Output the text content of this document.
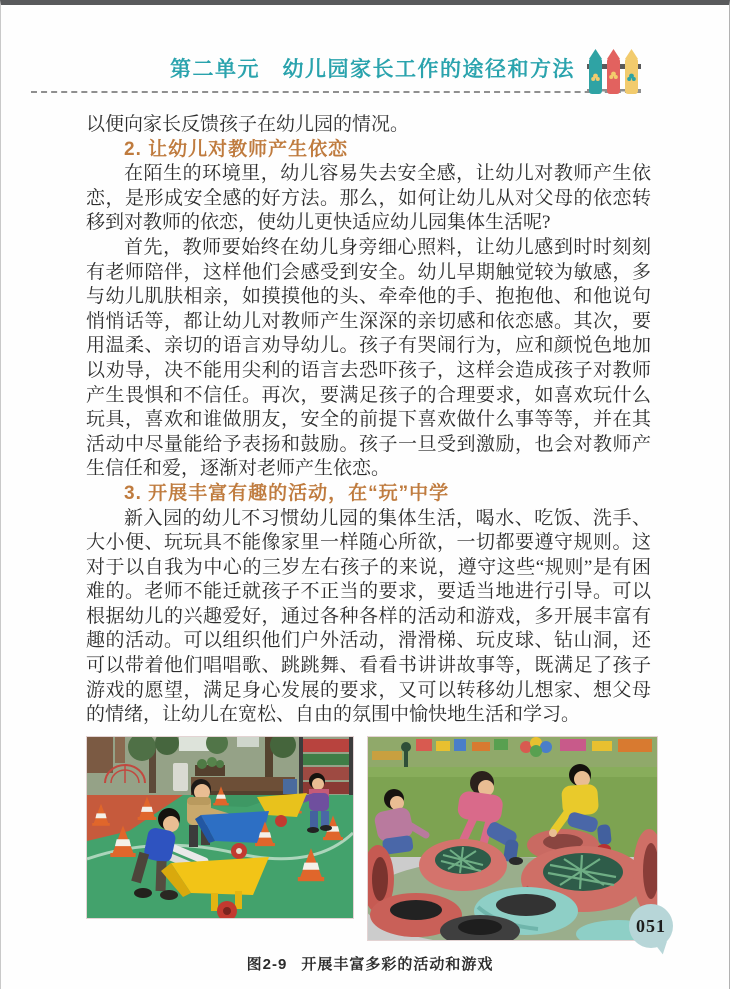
第二单元　幼儿园家长工作的途径和方法

以便向家长反馈孩子在幼儿园的情况。

2. 让幼儿对教师产生依恋

在陌生的环境里，幼儿容易失去安全感，让幼儿对教师产生依恋，是形成安全感的好方法。那么，如何让幼儿从对父母的依恋转移到对教师的依恋，使幼儿更快适应幼儿园集体生活呢?

首先，教师要始终在幼儿身旁细心照料，让幼儿感到时时刻刻有老师陪伴，这样他们会感受到安全。幼儿早期触觉较为敏感，多与幼儿肌肤相亲，如摸摸他的头、牵牵他的手、抱抱他、和他说句悄悄话等，都让幼儿对教师产生深深的亲切感和依恋感。其次，要用温柔、亲切的语言劝导幼儿。孩子有哭闹行为，应和颜悦色地加以劝导，决不能用尖利的语言去恐吓孩子，这样会造成孩子对教师产生畏惧和不信任。再次，要满足孩子的合理要求，如喜欢玩什么玩具，喜欢和谁做朋友，安全的前提下喜欢做什么事等等，并在其活动中尽量能给予表扬和鼓励。孩子一旦受到激励，也会对教师产生信任和爱，逐渐对老师产生依恋。

3. 开展丰富有趣的活动，在“玩”中学

新入园的幼儿不习惯幼儿园的集体生活，喝水、吃饭、洗手、大小便、玩玩具不能像家里一样随心所欲，一切都要遵守规则。这对于以自我为中心的三岁左右孩子的来说，遵守这些“规则”是有困难的。老师不能迁就孩子不正当的要求，要适当地进行引导。可以根据幼儿的兴趣爱好，通过各种各样的活动和游戏，多开展丰富有趣的活动。可以组织他们户外活动，滑滑梯、玩皮球、钻山洞，还可以带着他们唱唱歌、跳跳舞、看看书讲讲故事等，既满足了孩子游戏的愿望，满足身心发展的要求，又可以转移幼儿想家、想父母的情绪，让幼儿在宽松、自由的氛围中愉快地生活和学习。

图2-9 开展丰富多彩的活动和游戏
051
